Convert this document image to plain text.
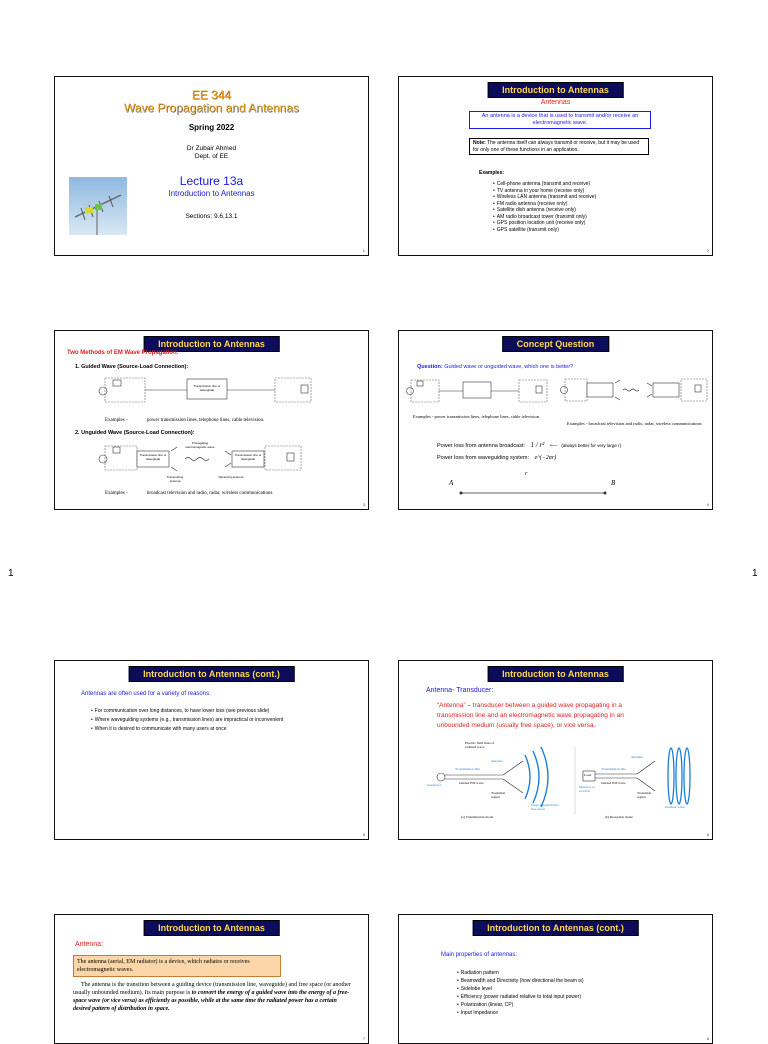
EE 344
Wave Propagation and Antennas
Spring 2022
Dr Zubair Ahmed
Dept. of EE
Lecture 13a
Introduction to Antennas
Sections: 9.6,13.1
1
Introduction to Antennas
Antennas
An antenna is a device that is used to transmit and/or receive an electromagnetic wave.
Note: The antenna itself can always transmit or receive, but it may be used for only one of these functions in an application.
Examples:
• Cell-phone antenna (transmit and receive)
• TV antenna in your home (receive only)
• Wireless LAN antenna (transmit and receive)
• FM radio antenna (receive only)
• Satellite dish antenna (receive only)
• AM radio broadcast tower (transmit only)
• GPS position location unit (receive only)
• GPS satellite (transmit only)
2
Introduction to Antennas
Two Methods of EM Wave Propagation:
1. Guided Wave (Source-Load Connection):
Transmission line or waveguide
Examples -	power transmission lines, telephone lines, cable television.
2. Unguided Wave (Source-Load Connection):
Transmission line or waveguide
Transmission line or waveguide
Propagating electromagnetic wave
Transmitting antenna
Receiving antenna
Examples -	broadcast television and radio, radar, wireless communications
3
Concept Question
Question: Guided wave or unguided wave, which one is better?
Examples - power transmission lines, telephone lines, cable television.
Examples - broadcast television and radio, radar, wireless communications
Power loss from antenna broadcast: 1 / r² ⟵ (always better for very large r)
Power loss from waveguiding system: e^(−2αr)
r
A	B
4
Introduction to Antennas (cont.)
Antennas are often used for a variety of reasons:
• For communication over long distances, to have lower loss (see previous slide)
• Where waveguiding systems (e.g., transmission lines) are impractical or inconvenient
• When it is desired to communicate with many users at once
5
Introduction to Antennas
Antenna- Transducer:
“Antenna” – transducer between a guided wave propagating in a transmission line and an electromagnetic wave propagating in an unbounded medium (usually free space), or vice versa.
Electric field lines of radiated wave
Antenna
Transmission line
Guided EM wave
Generator
Transition region
Wave launched into free space
(a) Transmission mode
Load
Transmission line
Guided EM wave
Detector or receiver
Antenna
Transition region
Incident wave
(b) Reception mode
6
Introduction to Antennas
Antenna:
The antenna (aerial, EM radiator) is a device, which radiates or receives electromagnetic waves.
The antenna is the transition between a guiding device (transmission line, waveguide) and free space (or another usually unbounded medium). Its main purpose is to convert the energy of a guided wave into the energy of a free-space wave (or vice versa) as efficiently as possible, while at the same time the radiated power has a certain desired pattern of distribution in space.
7
Introduction to Antennas (cont.)
Main properties of antennas:
• Radiation pattern
• Beamwidth and Directivity (how directional the beam is)
• Sidelobe level
• Efficiency (power radiated relative to total input power)
• Polarization (linear, CP)
• Input Impedance
8
1	1
